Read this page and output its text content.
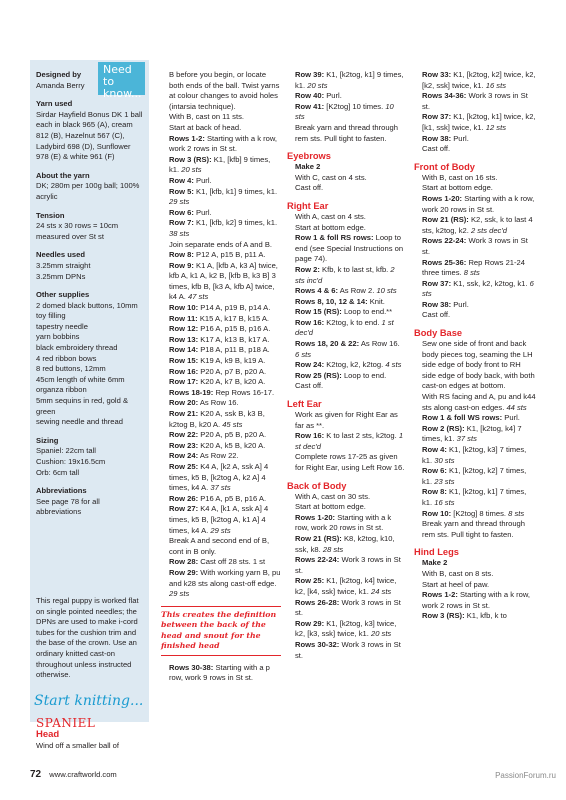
Need to
know...

Designed by

Amanda Berry

Yarn used

Sirdar Hayfield Bonus DK 1 ball each in black 965 (A), cream 812 (B), Hazelnut 567 (C), Ladybird 698 (D), Sunflower 978 (E) & white 961 (F)

About the yarn

DK; 280m per 100g ball; 100% acrylic

Tension

24 sts x 30 rows = 10cm measured over St st

Needles used

3.25mm straight

3.25mm DPNs

Other supplies

2 domed black buttons, 10mm

toy filling

tapestry needle

yarn bobbins

black embroidery thread

4 red ribbon bows

8 red buttons, 12mm

45cm length of white 6mm organza ribbon

5mm sequins in red, gold & green

sewing needle and thread

Sizing

Spaniel: 22cm tall

Cushion: 19x16.5cm

Orb: 6cm tall

Abbreviations

See page 78 for all abbreviations

This regal puppy is worked flat on single pointed needles; the DPNs are used to make i-cord tubes for the cushion trim and the base of the crown. Use an ordinary knitted cast-on throughout unless instructed otherwise.
Start knitting...
SPANIEL
Head
Wind off a smaller ball of

B before you begin, or locate both ends of the ball. Twist yarns at colour changes to avoid holes (intarsia technique).

With B, cast on 11 sts.

Start at back of head.

Rows 1-2: Starting with a k row, work 2 rows in St st.

Row 3 (RS): K1, [kfb] 9 times, k1. 20 sts

Row 4: Purl.

Row 5: K1, [kfb, k1] 9 times, k1. 29 sts

Row 6: Purl.

Row 7: K1, [kfb, k2] 9 times, k1. 38 sts

Join separate ends of A and B.

Row 8: P12 A, p15 B, p11 A.

Row 9: K1 A, [kfb A, k3 A] twice, kfb A, k1 A, k2 B, [kfb B, k3 B] 3 times, kfb B, [k3 A, kfb A] twice, k4 A. 47 sts

Row 10: P14 A, p19 B, p14 A.

Row 11: K15 A, k17 B, k15 A.

Row 12: P16 A, p15 B, p16 A.

Row 13: K17 A, k13 B, k17 A.

Row 14: P18 A, p11 B, p18 A.

Row 15: K19 A, k9 B, k19 A.

Row 16: P20 A, p7 B, p20 A.

Row 17: K20 A, k7 B, k20 A.

Rows 18-19: Rep Rows 16-17.

Row 20: As Row 16.

Row 21: K20 A, ssk B, k3 B, k2tog B, k20 A. 45 sts

Row 22: P20 A, p5 B, p20 A.

Row 23: K20 A, k5 B, k20 A.

Row 24: As Row 22.

Row 25: K4 A, [k2 A, ssk A] 4 times, k5 B, [k2tog A, k2 A] 4 times, k4 A. 37 sts

Row 26: P16 A, p5 B, p16 A.

Row 27: K4 A, [k1 A, ssk A] 4 times, k5 B, [k2tog A, k1 A] 4 times, k4 A. 29 sts

Break A and second end of B, cont in B only.

Row 28: Cast off 28 sts. 1 st

Row 29: With working yarn B, pu and k28 sts along cast-off edge. 29 sts

This creates the definition between the back of the head and snout for the finished head

Rows 30-38: Starting with a p row, work 9 rows in St st.

Row 39: K1, [k2tog, k1] 9 times, k1. 20 sts

Row 40: Purl.

Row 41: [K2tog] 10 times. 10 sts

Break yarn and thread through rem sts. Pull tight to fasten.

Eyebrows

Make 2

With C, cast on 4 sts.

Cast off.

Right Ear

With A, cast on 4 sts.

Start at bottom edge.

Row 1 & foll RS rows: Loop to end (see Special Instructions on page 74).

Row 2: Kfb, k to last st, kfb. 2 sts inc'd

Rows 4 & 6: As Row 2. 10 sts

Rows 8, 10, 12 & 14: Knit.

Row 15 (RS): Loop to end.**

Row 16: K2tog, k to end. 1 st dec'd

Rows 18, 20 & 22: As Row 16. 6 sts

Row 24: K2tog, k2, k2tog. 4 sts

Row 25 (RS): Loop to end.

Cast off.

Left Ear

Work as given for Right Ear as far as **.

Row 16: K to last 2 sts, k2tog. 1 st dec'd

Complete rows 17-25 as given for Right Ear, using Left Row 16.

Back of Body

With A, cast on 30 sts.

Start at bottom edge.

Rows 1-20: Starting with a k row, work 20 rows in St st.

Row 21 (RS): K8, k2tog, k10, ssk, k8. 28 sts

Rows 22-24: Work 3 rows in St st.

Row 25: K1, [k2tog, k4] twice, k2, [k4, ssk] twice, k1. 24 sts

Rows 26-28: Work 3 rows in St st.

Row 29: K1, [k2tog, k3] twice, k2, [k3, ssk] twice, k1. 20 sts

Rows 30-32: Work 3 rows in St st.

Row 33: K1, [k2tog, k2] twice, k2, [k2, ssk] twice, k1. 16 sts

Rows 34-36: Work 3 rows in St st.

Row 37: K1, [k2tog, k1] twice, k2, [k1, ssk] twice, k1. 12 sts

Row 38: Purl.

Cast off.

Front of Body

With B, cast on 16 sts.

Start at bottom edge.

Rows 1-20: Starting with a k row, work 20 rows in St st.

Row 21 (RS): K2, ssk, k to last 4 sts, k2tog, k2. 2 sts dec'd

Rows 22-24: Work 3 rows in St st.

Rows 25-36: Rep Rows 21-24 three times. 8 sts

Row 37: K1, ssk, k2, k2tog, k1. 6 sts

Row 38: Purl.

Cast off.

Body Base

Sew one side of front and back body pieces tog, seaming the LH side edge of body front to RH side edge of body back, with both cast-on edges at bottom.

With RS facing and A, pu and k44 sts along cast-on edges. 44 sts

Row 1 & foll WS rows: Purl.

Row 2 (RS): K1, [k2tog, k4] 7 times, k1. 37 sts

Row 4: K1, [k2tog, k3] 7 times, k1. 30 sts

Row 6: K1, [k2tog, k2] 7 times, k1. 23 sts

Row 8: K1, [k2tog, k1] 7 times, k1. 16 sts

Row 10: [K2tog] 8 times. 8 sts

Break yarn and thread through rem sts. Pull tight to fasten.

Hind Legs

Make 2

With B, cast on 8 sts.

Start at heel of paw.

Rows 1-2: Starting with a k row, work 2 rows in St st.

Row 3 (RS): K1, kfb, k to

72 www.craftworld.com	PassionForum.ru
